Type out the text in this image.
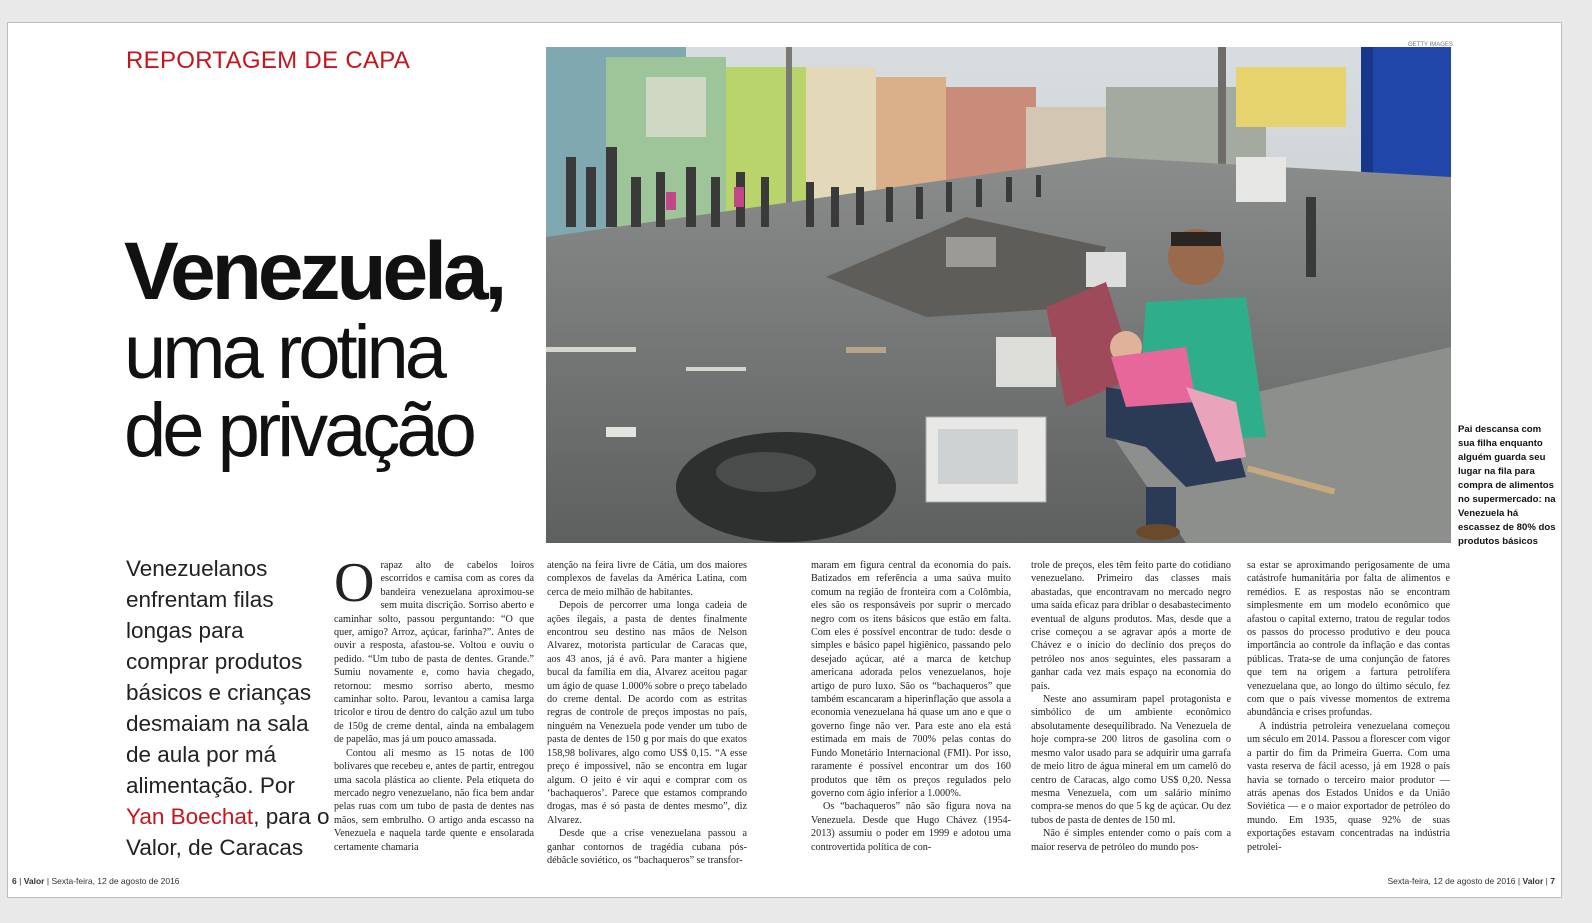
REPORTAGEM DE CAPA
Venezuela,
uma rotina
de privação
Venezuelanos enfrentam filas longas para comprar produtos básicos e crianças desmaiam na sala de aula por má alimentação. Por Yan Boechat, para o Valor, de Caracas
GETTY IMAGES
Pai descansa com sua filha enquanto alguém guarda seu lugar na fila para compra de alimentos no supermercado: na Venezuela há escassez de 80% dos produtos básicos

Orapaz alto de cabelos loiros escorridos e camisa com as cores da bandeira venezuelana aproximou-se sem muita discrição. Sorriso aberto e caminhar solto, passou perguntando: “O que quer, amigo? Arroz, açúcar, farinha?”. Antes de ouvir a resposta, afastou-se. Voltou e ouviu o pedido. “Um tubo de pasta de dentes. Grande.” Sumiu novamente e, como havia chegado, retornou: mesmo sorriso aberto, mesmo caminhar solto. Parou, levantou a camisa larga tricolor e tirou de dentro do calção azul um tubo de 150g de creme dental, ainda na embalagem de papelão, mas já um pouco amassada.

Contou ali mesmo as 15 notas de 100 bolívares que recebeu e, antes de partir, entregou uma sacola plástica ao cliente. Pela etiqueta do mercado negro venezuelano, não fica bem andar pelas ruas com um tubo de pasta de dentes nas mãos, sem embrulho. O artigo anda escasso na Venezuela e naquela tarde quente e ensolarada certamente chamaria

atenção na feira livre de Cátia, um dos maiores complexos de favelas da América Latina, com cerca de meio milhão de habitantes.

Depois de percorrer uma longa cadeia de ações ilegais, a pasta de dentes finalmente encontrou seu destino nas mãos de Nelson Alvarez, motorista particular de Caracas que, aos 43 anos, já é avô. Para manter a higiene bucal da família em dia, Alvarez aceitou pagar um ágio de quase 1.000% sobre o preço tabelado do creme dental. De acordo com as estritas regras de controle de preços impostas no país, ninguém na Venezuela pode vender um tubo de pasta de dentes de 150 g por mais do que exatos 158,98 bolívares, algo como US$ 0,15. “A esse preço é impossível, não se encontra em lugar algum. O jeito é vir aqui e comprar com os ‘bachaqueros’. Parece que estamos comprando drogas, mas é só pasta de dentes mesmo”, diz Alvarez.

Desde que a crise venezuelana passou a ganhar contornos de tragédia cubana pós-débâcle soviético, os “bachaqueros” se transfor-

maram em figura central da economia do país. Batizados em referência a uma saúva muito comum na região de fronteira com a Colômbia, eles são os responsáveis por suprir o mercado negro com os itens básicos que estão em falta. Com eles é possível encontrar de tudo: desde o simples e básico papel higiênico, passando pelo desejado açúcar, até a marca de ketchup americana adorada pelos venezuelanos, hoje artigo de puro luxo. São os “bachaqueros” que também escancaram a hiperinflação que assola a economia venezuelana há quase um ano e que o governo finge não ver. Para este ano ela está estimada em mais de 700% pelas contas do Fundo Monetário Internacional (FMI). Por isso, raramente é possível encontrar um dos 160 produtos que têm os preços regulados pelo governo com ágio inferior a 1.000%.

Os “bachaqueros” não são figura nova na Venezuela. Desde que Hugo Chávez (1954-2013) assumiu o poder em 1999 e adotou uma controvertida política de con-

trole de preços, eles têm feito parte do cotidiano venezuelano. Primeiro das classes mais abastadas, que encontravam no mercado negro uma saída eficaz para driblar o desabastecimento eventual de alguns produtos. Mas, desde que a crise começou a se agravar após a morte de Chávez e o início do declínio dos preços do petróleo nos anos seguintes, eles passaram a ganhar cada vez mais espaço na economia do país.

Neste ano assumiram papel protagonista e simbólico de um ambiente econômico absolutamente desequilibrado. Na Venezuela de hoje compra-se 200 litros de gasolina com o mesmo valor usado para se adquirir uma garrafa de meio litro de água mineral em um camelô do centro de Caracas, algo como US$ 0,20. Nessa mesma Venezuela, com um salário mínimo compra-se menos do que 5 kg de açúcar. Ou dez tubos de pasta de dentes de 150 ml.

Não é simples entender como o país com a maior reserva de petróleo do mundo pos-

sa estar se aproximando perigosamente de uma catástrofe humanitária por falta de alimentos e remédios. E as respostas não se encontram simplesmente em um modelo econômico que afastou o capital externo, tratou de regular todos os passos do processo produtivo e deu pouca importância ao controle da inflação e das contas públicas. Trata-se de uma conjunção de fatores que tem na origem a fartura petrolífera venezuelana que, ao longo do último século, fez com que o país vivesse momentos de extrema abundância e crises profundas.

A indústria petroleira venezuelana começou um século em 2014. Passou a florescer com vigor a partir do fim da Primeira Guerra. Com uma vasta reserva de fácil acesso, já em 1928 o país havia se tornado o terceiro maior produtor — atrás apenas dos Estados Unidos e da União Soviética — e o maior exportador de petróleo do mundo. Em 1935, quase 92% de suas exportações estavam concentradas na indústria petrolei-

6 | Valor | Sexta-feira, 12 de agosto de 2016	Sexta-feira, 12 de agosto de 2016 | Valor | 7
